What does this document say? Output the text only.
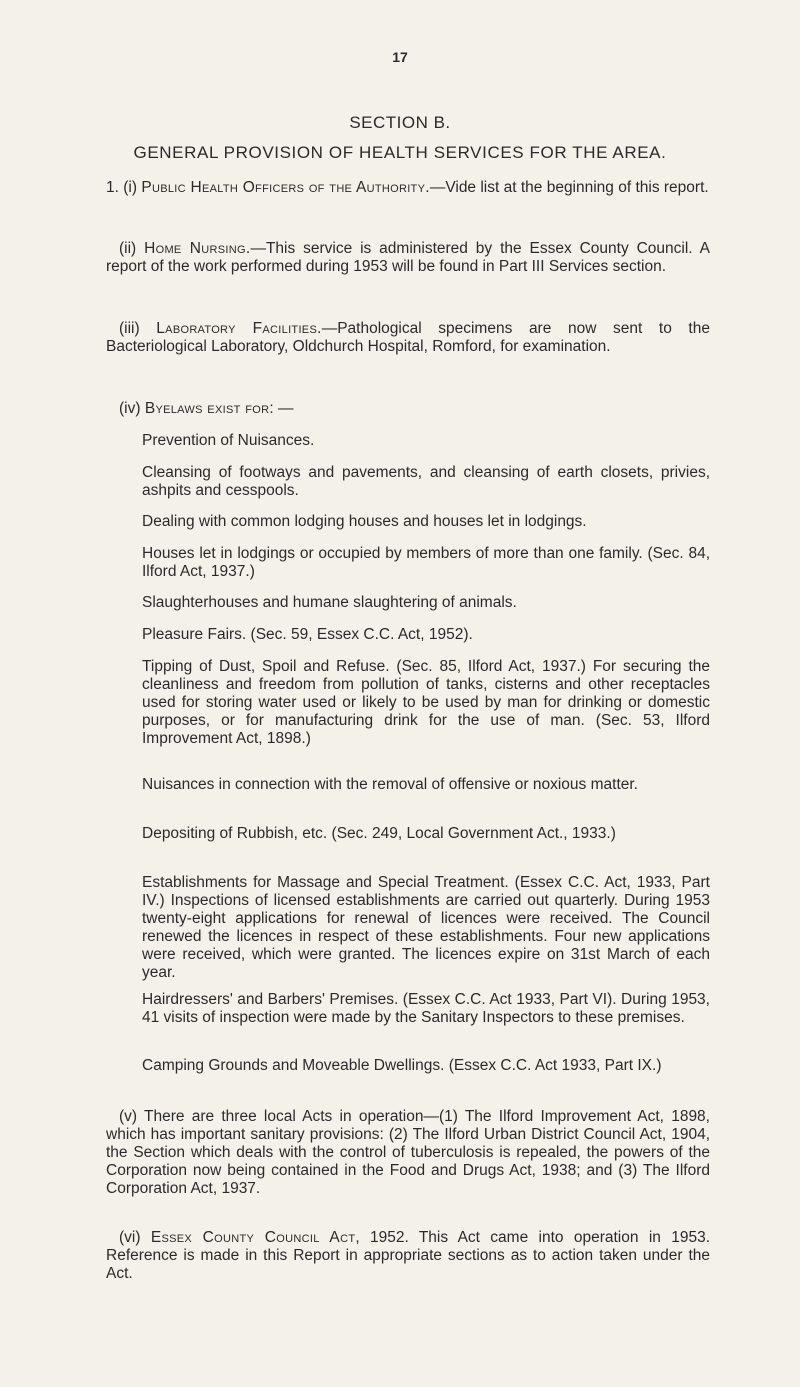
17
SECTION B.
GENERAL PROVISION OF HEALTH SERVICES FOR THE AREA.
1. (i) Public Health Officers of the Authority.—Vide list at the beginning of this report.
(ii) Home Nursing.—This service is administered by the Essex County Council. A report of the work performed during 1953 will be found in Part III Services section.
(iii) Laboratory Facilities.—Pathological specimens are now sent to the Bacteriological Laboratory, Oldchurch Hospital, Romford, for examination.
(iv) Byelaws exist for: —
Prevention of Nuisances.
Cleansing of footways and pavements, and cleansing of earth closets, privies, ashpits and cesspools.
Dealing with common lodging houses and houses let in lodgings.
Houses let in lodgings or occupied by members of more than one family. (Sec. 84, Ilford Act, 1937.)
Slaughterhouses and humane slaughtering of animals.
Pleasure Fairs. (Sec. 59, Essex C.C. Act, 1952).
Tipping of Dust, Spoil and Refuse. (Sec. 85, Ilford Act, 1937.) For securing the cleanliness and freedom from pollution of tanks, cisterns and other receptacles used for storing water used or likely to be used by man for drinking or domestic purposes, or for manufacturing drink for the use of man. (Sec. 53, Ilford Improvement Act, 1898.)
Nuisances in connection with the removal of offensive or noxious matter.
Depositing of Rubbish, etc. (Sec. 249, Local Government Act., 1933.)
Establishments for Massage and Special Treatment. (Essex C.C. Act, 1933, Part IV.) Inspections of licensed establishments are carried out quarterly. During 1953 twenty-eight applications for renewal of licences were received. The Council renewed the licences in respect of these establishments. Four new applications were received, which were granted. The licences expire on 31st March of each year.
Hairdressers' and Barbers' Premises. (Essex C.C. Act 1933, Part VI). During 1953, 41 visits of inspection were made by the Sanitary Inspectors to these premises.
Camping Grounds and Moveable Dwellings. (Essex C.C. Act 1933, Part IX.)
(v) There are three local Acts in operation—(1) The Ilford Improvement Act, 1898, which has important sanitary provisions: (2) The Ilford Urban District Council Act, 1904, the Section which deals with the control of tuberculosis is repealed, the powers of the Corporation now being contained in the Food and Drugs Act, 1938; and (3) The Ilford Corporation Act, 1937.
(vi) Essex County Council Act, 1952. This Act came into operation in 1953. Reference is made in this Report in appropriate sections as to action taken under the Act.
